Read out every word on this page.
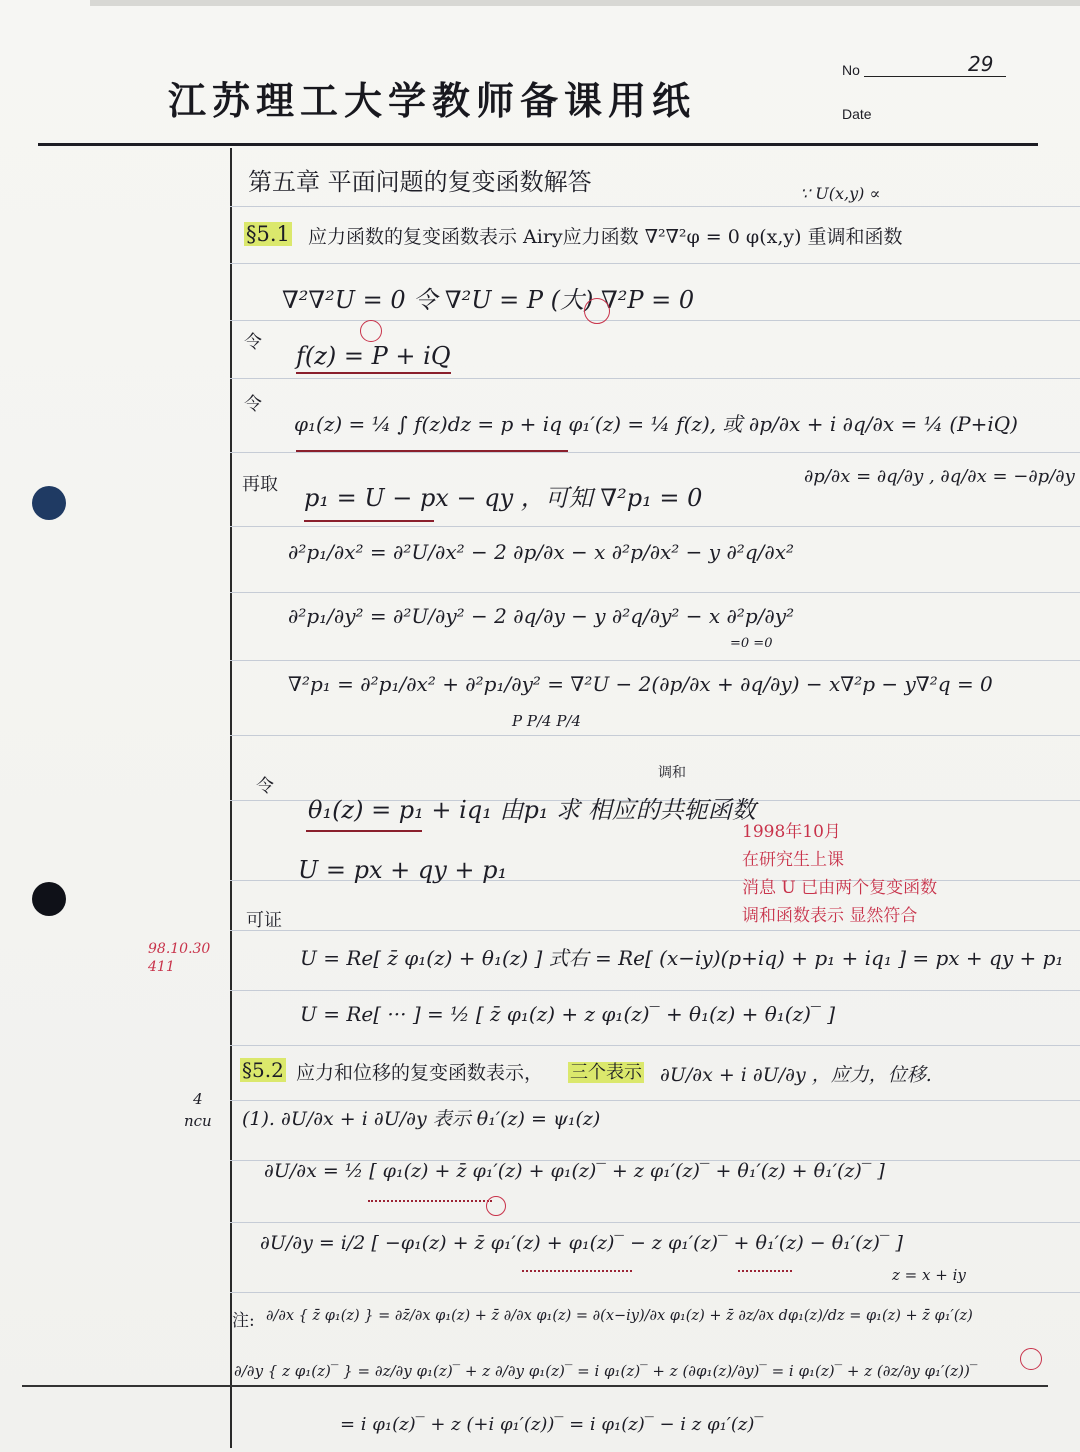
江苏理工大学教师备课用纸
No	29
Date
98.10.30
411
4
ncu
第五章 平面问题的复变函数解答	∵ U(x,y) ∝
§5.1 应力函数的复变函数表示 Airy应力函数 ∇²∇²φ = 0 φ(x,y) 重调和函数
∇²∇²U = 0 令 ∇²U = P (大) ∇²P = 0
令 f(z) = P + iQ
令
φ₁(z) = ¼ ∫ f(z)dz = p + iq φ₁′(z) = ¼ f(z), 或 ∂p/∂x + i ∂q/∂x = ¼ (P+iQ)
再取 p₁ = U − px − qy ，可知 ∇²p₁ = 0
∂p/∂x = ∂q/∂y , ∂q/∂x = −∂p/∂y
∂²p₁/∂x² = ∂²U/∂x² − 2 ∂p/∂x − x ∂²p/∂x² − y ∂²q/∂x²
∂²p₁/∂y² = ∂²U/∂y² − 2 ∂q/∂y − y ∂²q/∂y² − x ∂²p/∂y²
=0 =0
∇²p₁ = ∂²p₁/∂x² + ∂²p₁/∂y² = ∇²U − 2(∂p/∂x + ∂q/∂y) − x∇²p − y∇²q = 0
P P/4 P/4
令
θ₁(z) = p₁ + iq₁ 由p₁ 求 相应的共轭函数
调和
1998年10月
在研究生上课
消息 U 已由两个复变函数
调和函数表示 显然符合
U = px + qy + p₁
可证
U = Re[ z̄ φ₁(z) + θ₁(z) ] 式右 = Re[ (x−iy)(p+iq) + p₁ + iq₁ ] = px + qy + p₁
U = Re[ ··· ] = ½ [ z̄ φ₁(z) + z φ₁(z)‾ + θ₁(z) + θ₁(z)‾ ]
§5.2 应力和位移的复变函数表示， 三个表示 ∂U/∂x + i ∂U/∂y ，应力，位移.
(1). ∂U/∂x + i ∂U/∂y 表示 θ₁′(z) = ψ₁(z)
∂U/∂x = ½ [ φ₁(z) + z̄ φ₁′(z) + φ₁(z)‾ + z φ₁′(z)‾ + θ₁′(z) + θ₁′(z)‾ ]
∂U/∂y = i/2 [ −φ₁(z) + z̄ φ₁′(z) + φ₁(z)‾ − z φ₁′(z)‾ + θ₁′(z) − θ₁′(z)‾ ]
z = x + iy
注: ∂/∂x { z̄ φ₁(z) } = ∂z̄/∂x φ₁(z) + z̄ ∂/∂x φ₁(z) = ∂(x−iy)/∂x φ₁(z) + z̄ ∂z/∂x dφ₁(z)/dz = φ₁(z) + z̄ φ₁′(z)
∂/∂y { z φ₁(z)‾ } = ∂z/∂y φ₁(z)‾ + z ∂/∂y φ₁(z)‾ = i φ₁(z)‾ + z (∂φ₁(z)/∂y)‾ = i φ₁(z)‾ + z (∂z/∂y φ₁′(z))‾
= i φ₁(z)‾ + z (+i φ₁′(z))‾ = i φ₁(z)‾ − i z φ₁′(z)‾
